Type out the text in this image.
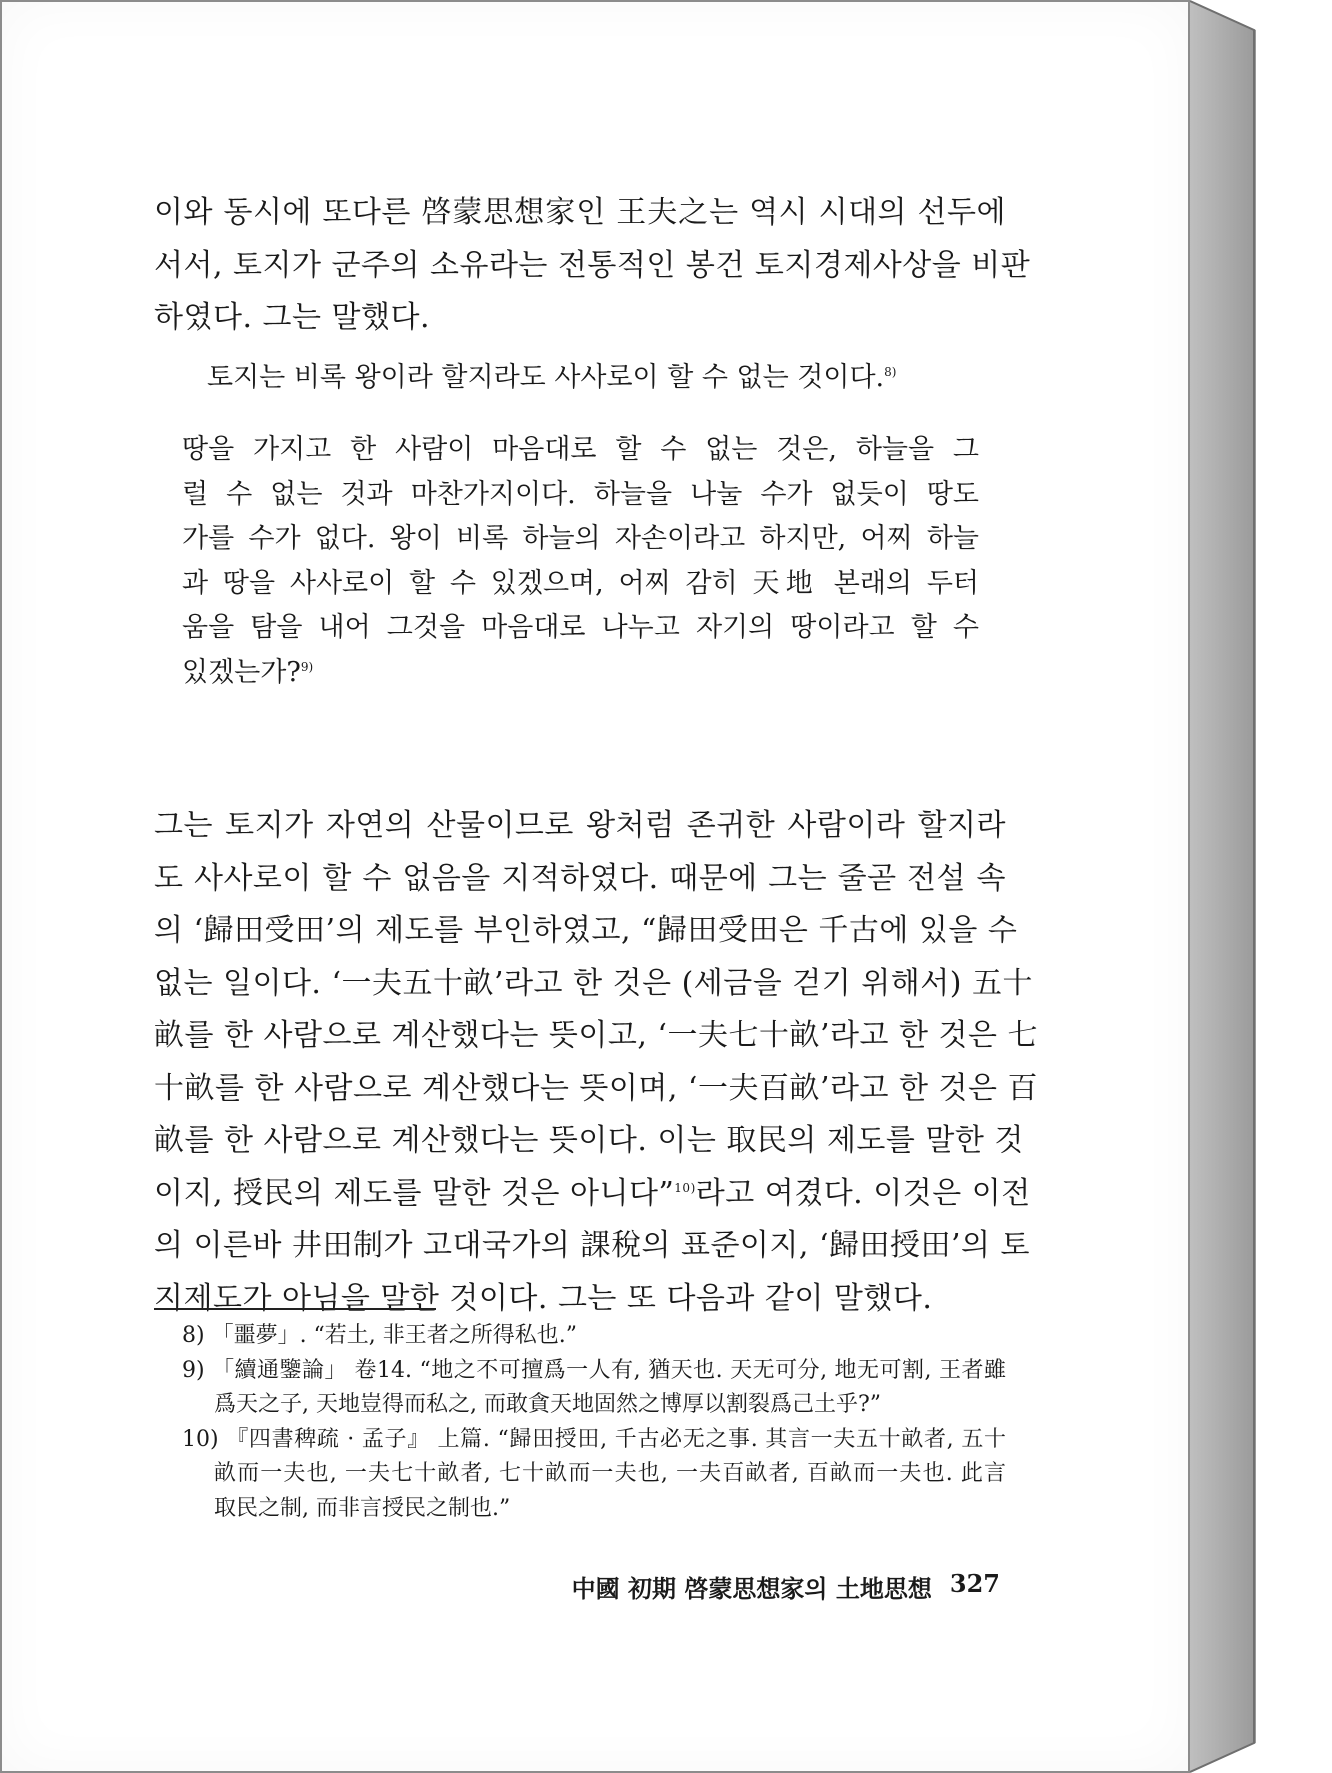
이와 동시에 또다른 啓蒙思想家인 王夫之는 역시 시대의 선두에
서서, 토지가 군주의 소유라는 전통적인 봉건 토지경제사상을 비판
하였다. 그는 말했다.

토지는 비록 왕이라 할지라도 사사로이 할 수 없는 것이다.$^{8)}$

땅을 가지고 한 사람이 마음대로 할 수 없는 것은, 하늘을 그
럴 수 없는 것과 마찬가지이다. 하늘을 나눌 수가 없듯이 땅도
가를 수가 없다. 왕이 비록 하늘의 자손이라고 하지만, 어찌 하늘
과 땅을 사사로이 할 수 있겠으며, 어찌 감히 天地 본래의 두터
움을 탐을 내어 그것을 마음대로 나누고 자기의 땅이라고 할 수
있겠는가?$^{9)}$
그는 토지가 자연의 산물이므로 왕처럼 존귀한 사람이라 할지라
도 사사로이 할 수 없음을 지적하였다. 때문에 그는 줄곧 전설 속
의 ‘歸田受田’의 제도를 부인하였고, “歸田受田은 千古에 있을 수
없는 일이다. ‘一夫五十畝’라고 한 것은 (세금을 걷기 위해서) 五十
畝를 한 사람으로 계산했다는 뜻이고, ‘一夫七十畝’라고 한 것은 七
十畝를 한 사람으로 계산했다는 뜻이며, ‘一夫百畝’라고 한 것은 百
畝를 한 사람으로 계산했다는 뜻이다. 이는 取民의 제도를 말한 것
이지, 授民의 제도를 말한 것은 아니다”$^{10)}$라고 여겼다. 이것은 이전
의 이른바 井田制가 고대국가의 課稅의 표준이지, ‘歸田授田’의 토
지제도가 아님을 말한 것이다. 그는 또 다음과 같이 말했다.
8) 「噩夢」. “若土, 非王者之所得私也.”
9) 「續通鑒論」 卷14. “地之不可擅爲一人有, 猶天也. 天无可分, 地无可割, 王者雖
爲天之子, 天地豈得而私之, 而敢貪天地固然之博厚以割裂爲己土乎?”
10) 『四書稗疏 · 孟子』 上篇. “歸田授田, 千古必无之事. 其言一夫五十畝者, 五十
畝而一夫也, 一夫七十畝者, 七十畝而一夫也, 一夫百畝者, 百畝而一夫也. 此言
取民之制, 而非言授民之制也.”
中國 初期 啓蒙思想家의 土地思想 327
